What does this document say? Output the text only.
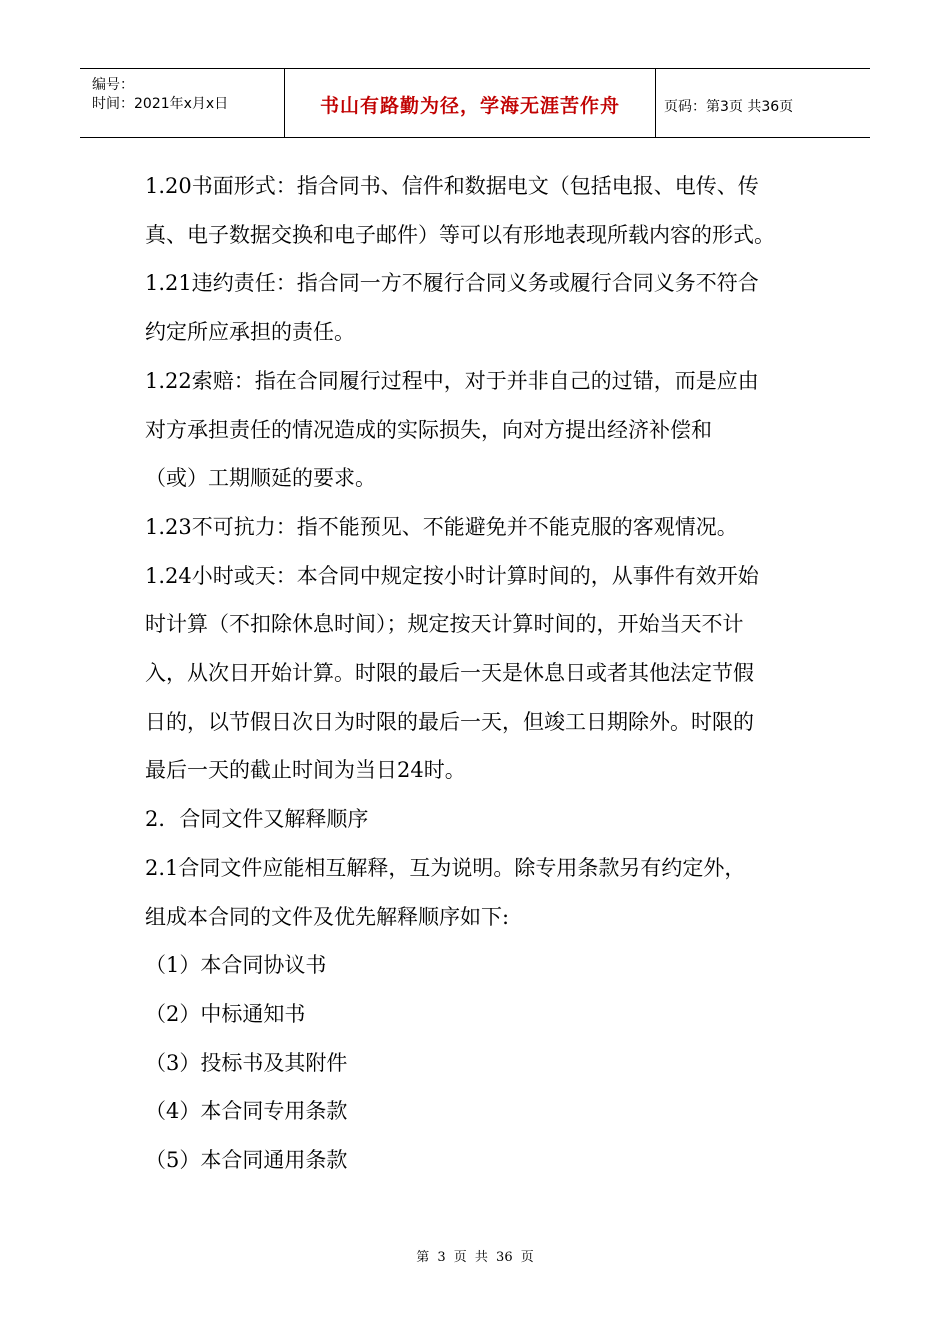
编号：
时间：2021年x月x日	书山有路勤为径，学海无涯苦作舟	页码：第3页 共36页

1.20书面形式：指合同书、信件和数据电文（包括电报、电传、传

真、电子数据交换和电子邮件）等可以有形地表现所载内容的形式。

1.21违约责任：指合同一方不履行合同义务或履行合同义务不符合

约定所应承担的责任。

1.22索赔：指在合同履行过程中，对于并非自己的过错，而是应由

对方承担责任的情况造成的实际损失，向对方提出经济补偿和

（或）工期顺延的要求。

1.23不可抗力：指不能预见、不能避免并不能克服的客观情况。

1.24小时或天：本合同中规定按小时计算时间的，从事件有效开始

时计算（不扣除休息时间）；规定按天计算时间的，开始当天不计

入，从次日开始计算。时限的最后一天是休息日或者其他法定节假

日的，以节假日次日为时限的最后一天，但竣工日期除外。时限的

最后一天的截止时间为当日24时。

2．合同文件又解释顺序

2.1合同文件应能相互解释，互为说明。除专用条款另有约定外，

组成本合同的文件及优先解释顺序如下:

（1）本合同协议书

（2）中标通知书

（3）投标书及其附件

（4）本合同专用条款

（5）本合同通用条款

第 3 页 共 36 页
